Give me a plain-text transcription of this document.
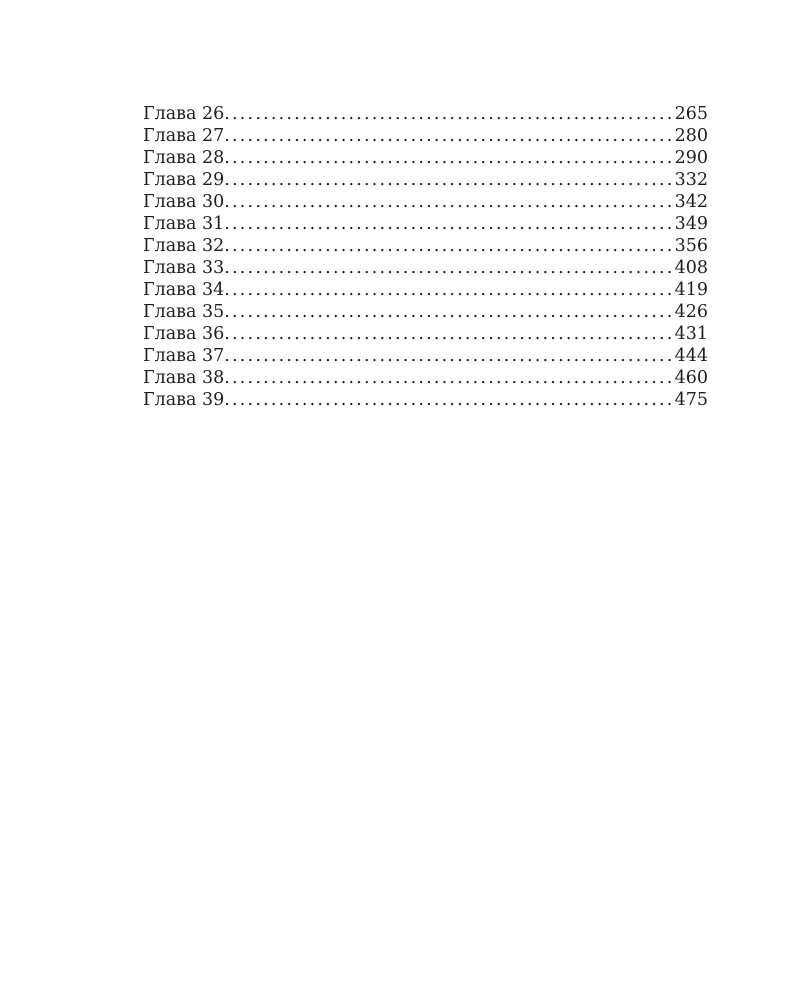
Глава 26 .....	265
Глава 27 .....	280
Глава 28 .....	290
Глава 29 .....	332
Глава 30 .....	342
Глава 31 .....	349
Глава 32 .....	356
Глава 33 .....	408
Глава 34 .....	419
Глава 35 .....	426
Глава 36 .....	431
Глава 37 .....	444
Глава 38 .....	460
Глава 39 .....	475
